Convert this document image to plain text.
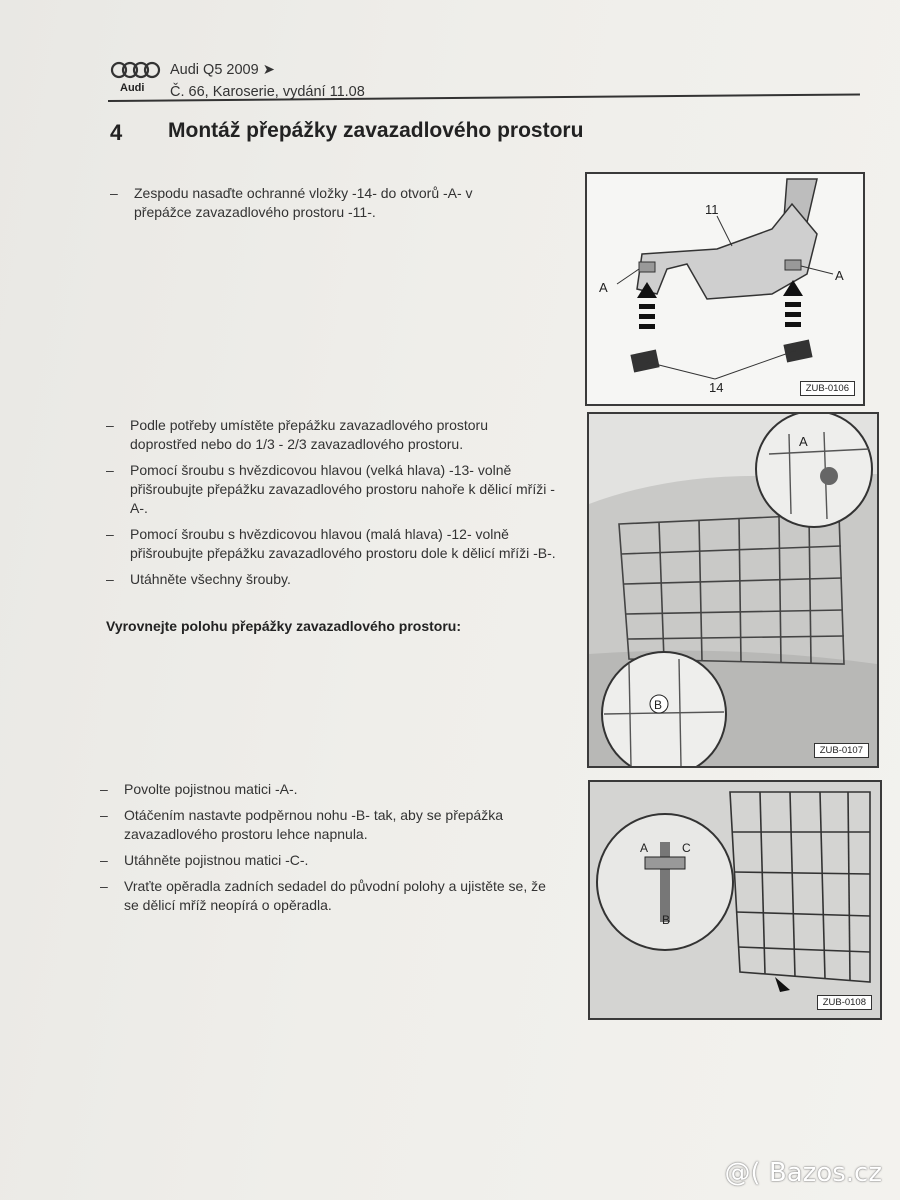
Audi
Audi Q5 2009 ➤
Č. 66, Karoserie, vydání 11.08
4 Montáž přepážky zavazadlového prostoru
– Zespodu nasaďte ochranné vložky -14- do otvorů -A- v přepážce zavazadlového prostoru -11-.
– Podle potřeby umístěte přepážku zavazadlového prostoru doprostřed nebo do 1/3 - 2/3 zavazadlového prostoru.
– Pomocí šroubu s hvězdicovou hlavou (velká hlava) -13- volně přišroubujte přepážku zavazadlového prostoru nahoře k dělicí mříži -A-.
– Pomocí šroubu s hvězdicovou hlavou (malá hlava) -12- volně přišroubujte přepážku zavazadlového prostoru dole k dělicí mříži -B-.
– Utáhněte všechny šrouby.
Vyrovnejte polohu přepážky zavazadlového prostoru:
– Povolte pojistnou matici -A-.
– Otáčením nastavte podpěrnou nohu -B- tak, aby se přepážka zavazadlového prostoru lehce napnula.
– Utáhněte pojistnou matici -C-.
– Vraťte opěradla zadních sedadel do původní polohy a ujistěte se, že se dělicí mříž neopírá o opěradla.
11
A
A
14	ZUB-0106
A
B
ZUB-0107
A	C
B
ZUB-0108
@( Bazos.cz
